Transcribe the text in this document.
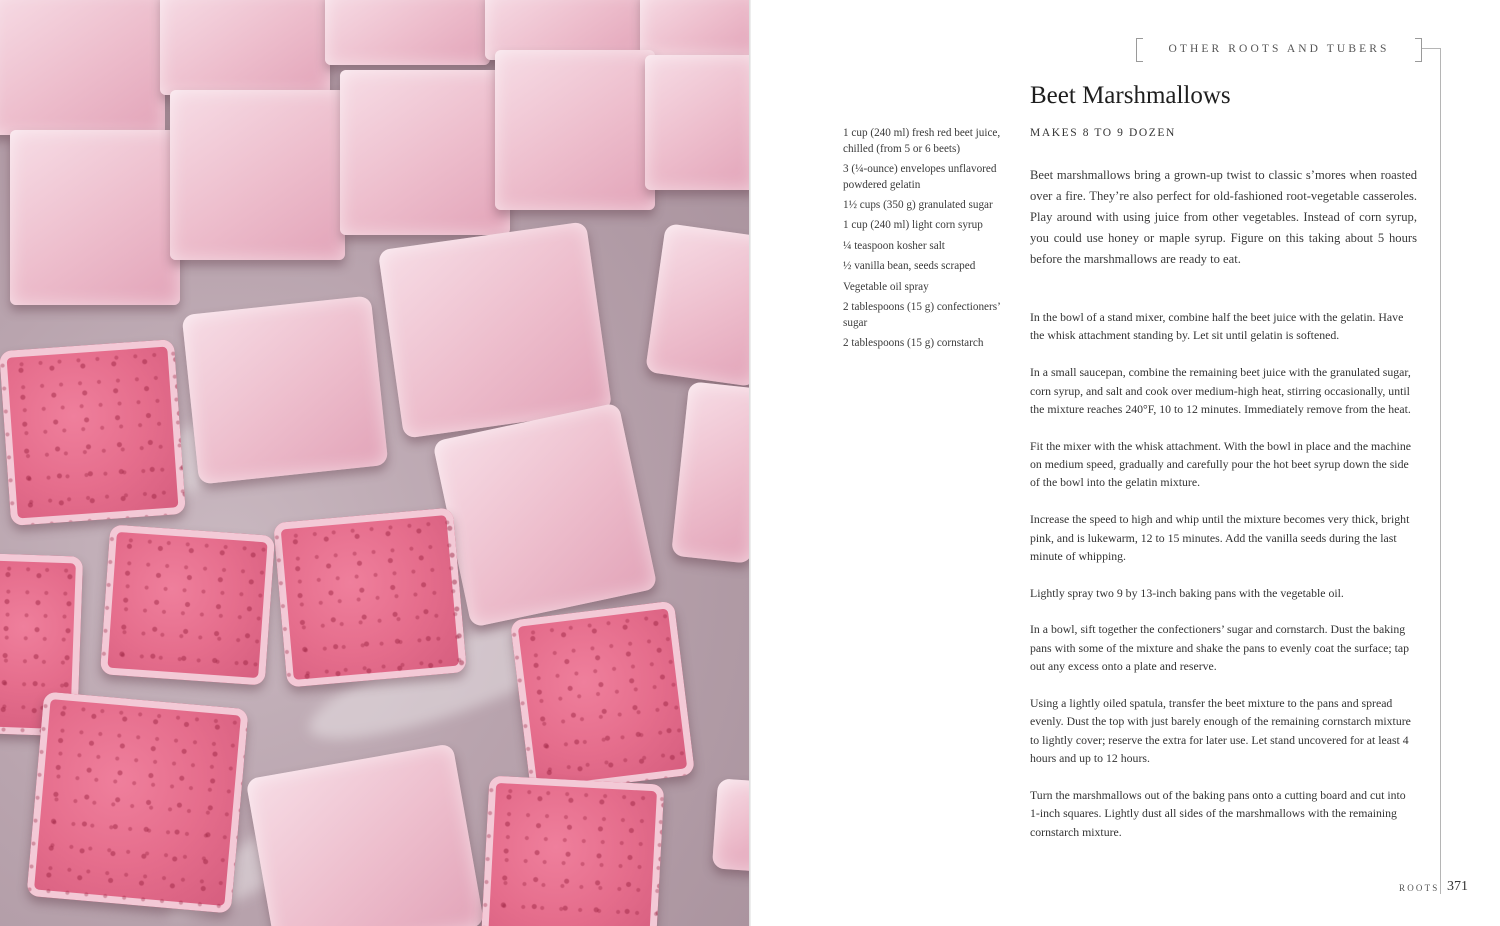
OTHER ROOTS AND TUBERS
Beet Marshmallows
MAKES 8 TO 9 DOZEN

Beet marshmallows bring a grown-up twist to classic s’mores when roasted over a fire. They’re also perfect for old-fashioned root-vegetable casseroles. Play around with using juice from other vegetables. Instead of corn syrup, you could use honey or maple syrup. Figure on this taking about 5 hours before the marshmallows are ready to eat.

1 cup (240 ml) fresh red beet juice, chilled (from 5 or 6 beets)
3 (¼-ounce) envelopes unflavored powdered gelatin
1½ cups (350 g) granulated sugar
1 cup (240 ml) light corn syrup
¼ teaspoon kosher salt
½ vanilla bean, seeds scraped
Vegetable oil spray
2 tablespoons (15 g) confectioners’ sugar
2 tablespoons (15 g) cornstarch
In the bowl of a stand mixer, combine half the beet juice with the gelatin. Have the whisk attachment standing by. Let sit until gelatin is softened.
In a small saucepan, combine the remaining beet juice with the granulated sugar, corn syrup, and salt and cook over medium-high heat, stirring occasionally, until the mixture reaches 240°F, 10 to 12 minutes. Immediately remove from the heat.
Fit the mixer with the whisk attachment. With the bowl in place and the machine on medium speed, gradually and carefully pour the hot beet syrup down the side of the bowl into the gelatin mixture.
Increase the speed to high and whip until the mixture becomes very thick, bright pink, and is lukewarm, 12 to 15 minutes. Add the vanilla seeds during the last minute of whipping.
Lightly spray two 9 by 13-inch baking pans with the vegetable oil.
In a bowl, sift together the confectioners’ sugar and cornstarch. Dust the baking pans with some of the mixture and shake the pans to evenly coat the surface; tap out any excess onto a plate and reserve.
Using a lightly oiled spatula, transfer the beet mixture to the pans and spread evenly. Dust the top with just barely enough of the remaining cornstarch mixture to lightly cover; reserve the extra for later use. Let stand uncovered for at least 4 hours and up to 12 hours.
Turn the marshmallows out of the baking pans onto a cutting board and cut into 1-inch squares. Lightly dust all sides of the marshmallows with the remaining cornstarch mixture.
ROOTS 371
